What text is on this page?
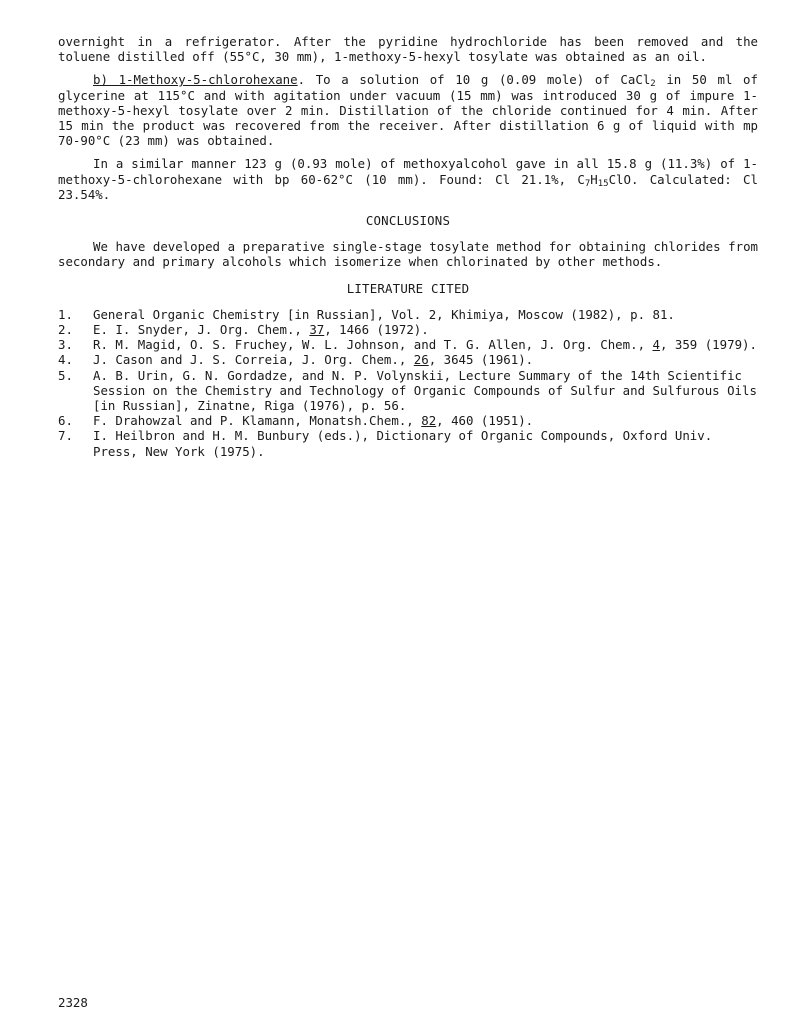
overnight in a refrigerator. After the pyridine hydrochloride has been removed and the toluene distilled off (55°C, 30 mm), 1-methoxy-5-hexyl tosylate was obtained as an oil.

b) 1-Methoxy-5-chlorohexane. To a solution of 10 g (0.09 mole) of CaCl$_2$ in 50 ml of glycerine at 115°C and with agitation under vacuum (15 mm) was introduced 30 g of impure 1-methoxy-5-hexyl tosylate over 2 min. Distillation of the chloride continued for 4 min. After 15 min the product was recovered from the receiver. After distillation 6 g of liquid with mp 70-90°C (23 mm) was obtained.

In a similar manner 123 g (0.93 mole) of methoxyalcohol gave in all 15.8 g (11.3%) of 1-methoxy-5-chlorohexane with bp 60-62°C (10 mm). Found: Cl 21.1%, $C_7H_{15}ClO$. Calculated: Cl 23.54%.

CONCLUSIONS

We have developed a preparative single-stage tosylate method for obtaining chlorides from secondary and primary alcohols which isomerize when chlorinated by other methods.

LITERATURE CITED

1.	General Organic Chemistry [in Russian], Vol. 2, Khimiya, Moscow (1982), p. 81.
2.	E. I. Snyder, J. Org. Chem., 37, 1466 (1972).
3.	R. M. Magid, O. S. Fruchey, W. L. Johnson, and T. G. Allen, J. Org. Chem., 4, 359 (1979).
4.	J. Cason and J. S. Correia, J. Org. Chem., 26, 3645 (1961).
5.	A. B. Urin, G. N. Gordadze, and N. P. Volynskii, Lecture Summary of the 14th Scientific Session on the Chemistry and Technology of Organic Compounds of Sulfur and Sulfurous Oils [in Russian], Zinatne, Riga (1976), p. 56.
6.	F. Drahowzal and P. Klamann, Monatsh.Chem., 82, 460 (1951).
7.	I. Heilbron and H. M. Bunbury (eds.), Dictionary of Organic Compounds, Oxford Univ. Press, New York (1975).
2328
